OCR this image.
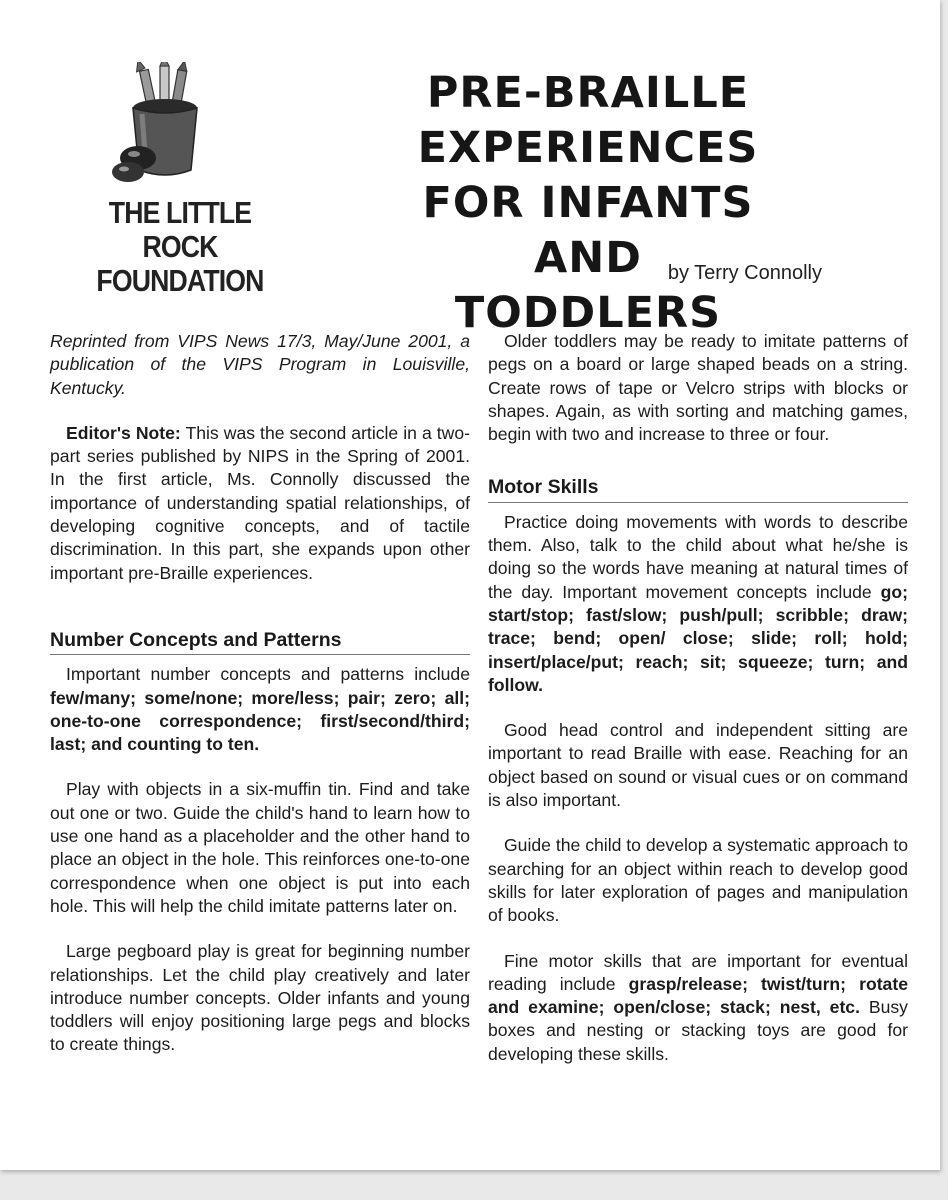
THE LITTLE ROCK
FOUNDATION
PRE-BRAILLE
EXPERIENCES
FOR INFANTS AND
TODDLERS
by Terry Connolly

Reprinted from VIPS News 17/3, May/June 2001, a publication of the VIPS Program in Louisville, Kentucky.

Editor's Note: This was the second article in a two-part series published by NIPS in the Spring of 2001. In the first article, Ms. Connolly discussed the importance of understanding spatial relationships, of developing cognitive concepts, and of tactile discrimination. In this part, she expands upon other important pre-Braille experiences.

Number Concepts and Patterns

Important number concepts and patterns include few/many; some/none; more/less; pair; zero; all; one-to-one correspondence; first/second/third; last; and counting to ten.

Play with objects in a six-muffin tin. Find and take out one or two. Guide the child's hand to learn how to use one hand as a placeholder and the other hand to place an object in the hole. This reinforces one-to-one correspondence when one object is put into each hole. This will help the child imitate patterns later on.

Large pegboard play is great for beginning number relationships. Let the child play creatively and later introduce number concepts. Older infants and young toddlers will enjoy positioning large pegs and blocks to create things.

Older toddlers may be ready to imitate patterns of pegs on a board or large shaped beads on a string. Create rows of tape or Velcro strips with blocks or shapes. Again, as with sorting and matching games, begin with two and increase to three or four.

Motor Skills

Practice doing movements with words to describe them. Also, talk to the child about what he/she is doing so the words have meaning at natural times of the day. Important movement concepts include go; start/stop; fast/slow; push/pull; scribble; draw; trace; bend; open/ close; slide; roll; hold; insert/place/put; reach; sit; squeeze; turn; and follow.

Good head control and independent sitting are important to read Braille with ease. Reaching for an object based on sound or visual cues or on command is also important.

Guide the child to develop a systematic approach to searching for an object within reach to develop good skills for later exploration of pages and manipulation of books.

Fine motor skills that are important for eventual reading include grasp/release; twist/turn; rotate and examine; open/close; stack; nest, etc. Busy boxes and nesting or stacking toys are good for developing these skills.
